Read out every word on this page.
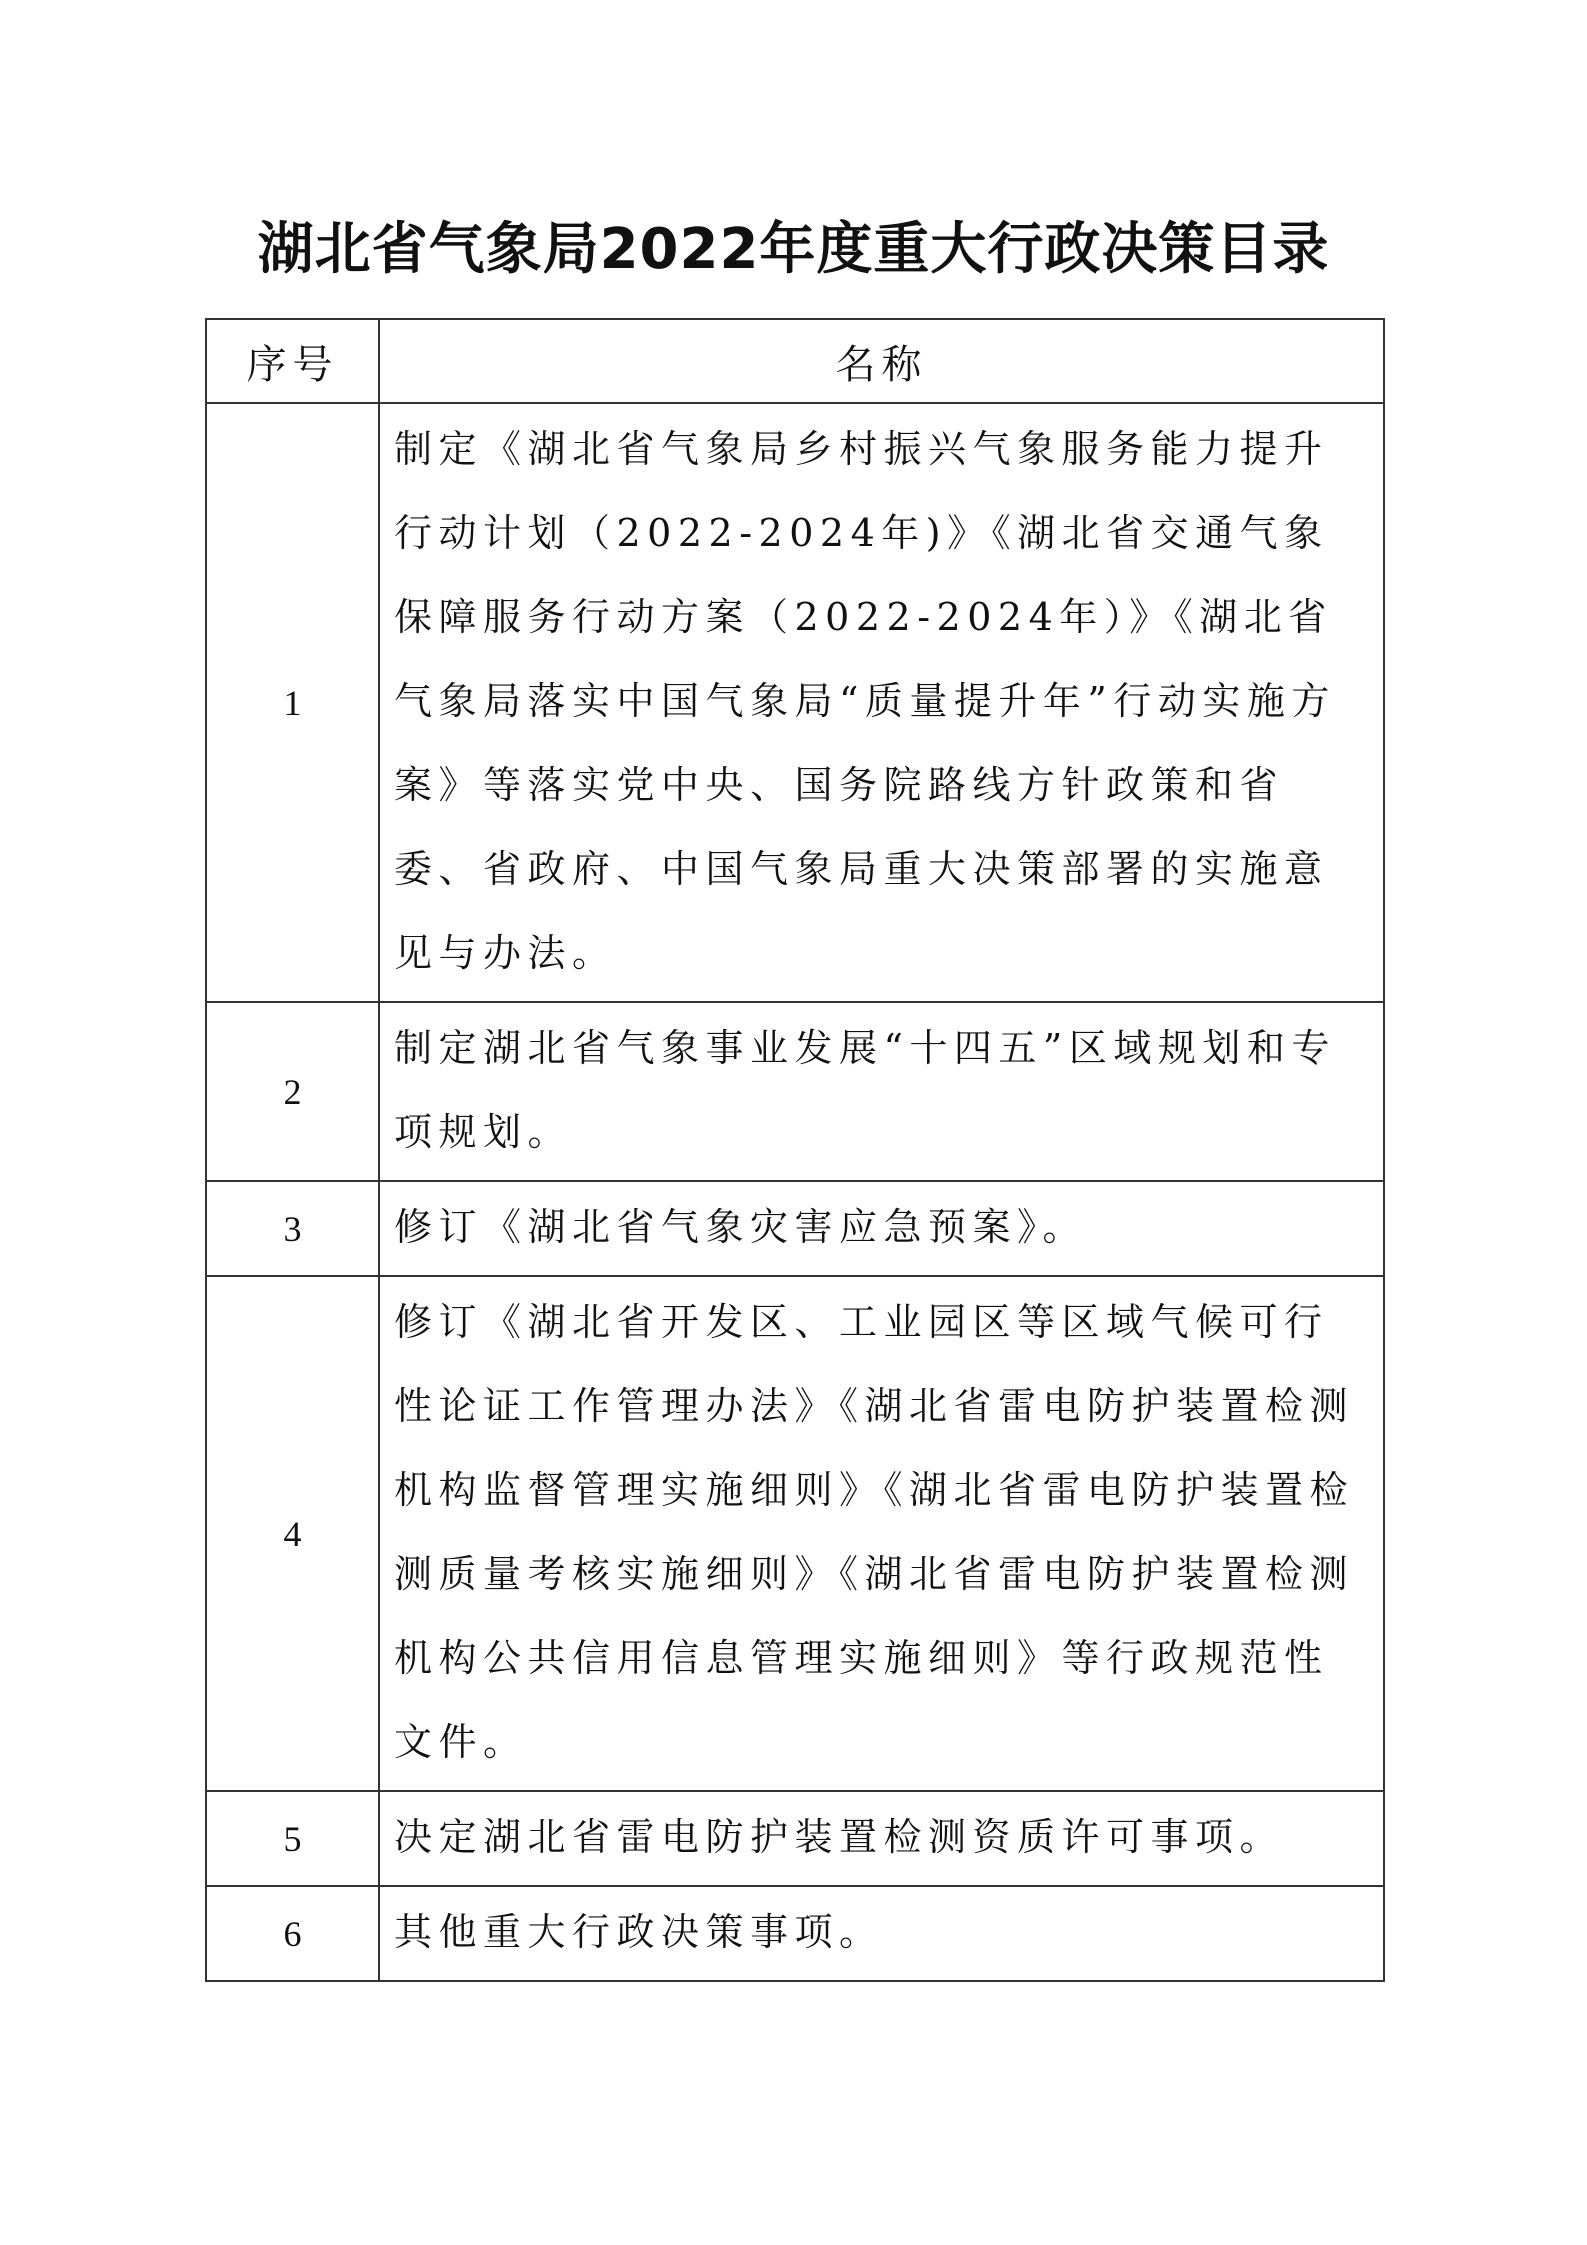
湖北省气象局2022年度重大行政决策目录
序号	名称
1	制定《湖北省气象局乡村振兴气象服务能力提升行动计划（2022-2024年)》《湖北省交通气象保障服务行动方案（2022-2024年）》《湖北省气象局落实中国气象局“质量提升年”行动实施方案》等落实党中央、国务院路线方针政策和省委、省政府、中国气象局重大决策部署的实施意见与办法。
2	制定湖北省气象事业发展“十四五”区域规划和专项规划。
3	修订《湖北省气象灾害应急预案》。
4	修订《湖北省开发区、工业园区等区域气候可行性论证工作管理办法》《湖北省雷电防护装置检测机构监督管理实施细则》《湖北省雷电防护装置检测质量考核实施细则》《湖北省雷电防护装置检测机构公共信用信息管理实施细则》等行政规范性文件。
5	决定湖北省雷电防护装置检测资质许可事项。
6	其他重大行政决策事项。
